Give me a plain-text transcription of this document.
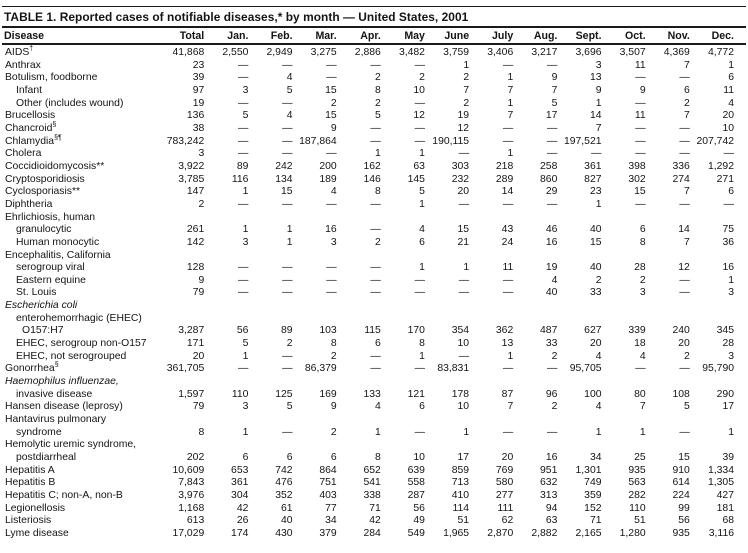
TABLE 1. Reported cases of notifiable diseases,* by month — United States, 2001
Disease	Total	Jan.	Feb.	Mar.	Apr.	May	June	July	Aug.	Sept.	Oct.	Nov.	Dec.
AIDS†	41,868	2,550	2,949	3,275	2,886	3,482	3,759	3,406	3,217	3,696	3,507	4,369	4,772
Anthrax	23	—	—	—	—	—	1	—	—	3	11	7	1
Botulism, foodborne	39	—	4	—	2	2	2	1	9	13	—	—	6
Infant	97	3	5	15	8	10	7	7	7	9	9	6	11
Other (includes wound)	19	—	—	2	2	—	2	1	5	1	—	2	4
Brucellosis	136	5	4	15	5	12	19	7	17	14	11	7	20
Chancroid§	38	—	—	9	—	—	12	—	—	7	—	—	10
Chlamydia§¶	783,242	—	—	187,864	—	—	190,115	—	—	197,521	—	—	207,742
Cholera	3	—	—	—	1	1	—	1	—	—	—	—	—
Coccidioidomycosis**	3,922	89	242	200	162	63	303	218	258	361	398	336	1,292
Cryptosporidiosis	3,785	116	134	189	146	145	232	289	860	827	302	274	271
Cyclosporiasis**	147	1	15	4	8	5	20	14	29	23	15	7	6
Diphtheria	2	—	—	—	—	1	—	—	—	1	—	—	—
Ehrlichiosis, human													
granulocytic	261	1	1	16	—	4	15	43	46	40	6	14	75
Human monocytic	142	3	1	3	2	6	21	24	16	15	8	7	36
Encephalitis, California													
serogroup viral	128	—	—	—	—	1	1	11	19	40	28	12	16
Eastern equine	9	—	—	—	—	—	—	—	4	2	2	—	1
St. Louis	79	—	—	—	—	—	—	—	40	33	3	—	3
Escherichia coli													
enterohemorrhagic (EHEC)													
O157:H7	3,287	56	89	103	115	170	354	362	487	627	339	240	345
EHEC, serogroup non-O157	171	5	2	8	6	8	10	13	33	20	18	20	28
EHEC, not serogrouped	20	1	—	2	—	1	—	1	2	4	4	2	3
Gonorrhea§	361,705	—	—	86,379	—	—	83,831	—	—	95,705	—	—	95,790
Haemophilus influenzae,													
invasive disease	1,597	110	125	169	133	121	178	87	96	100	80	108	290
Hansen disease (leprosy)	79	3	5	9	4	6	10	7	2	4	7	5	17
Hantavirus pulmonary													
syndrome	8	1	—	2	1	—	1	—	—	1	1	—	1
Hemolytic uremic syndrome,													
postdiarrheal	202	6	6	6	8	10	17	20	16	34	25	15	39
Hepatitis A	10,609	653	742	864	652	639	859	769	951	1,301	935	910	1,334
Hepatitis B	7,843	361	476	751	541	558	713	580	632	749	563	614	1,305
Hepatitis C; non-A, non-B	3,976	304	352	403	338	287	410	277	313	359	282	224	427
Legionellosis	1,168	42	61	77	71	56	114	111	94	152	110	99	181
Listeriosis	613	26	40	34	42	49	51	62	63	71	51	56	68
Lyme disease	17,029	174	430	379	284	549	1,965	2,870	2,882	2,165	1,280	935	3,116
